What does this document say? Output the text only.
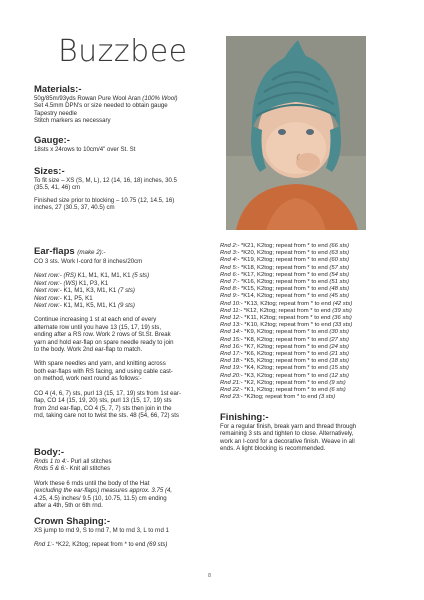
Buzzbee

Materials:-

50g/85m/93yds Rowan Pure Wool Aran (100% Wool)
Set 4.5mm DPN's or size needed to obtain gauge
Tapestry needle
Stitch markers as necessary

Gauge:-

18sts x 24rows to 10cm/4" over St. St

Sizes:-

To fit size – XS (S, M, L), 12 (14, 16, 18) inches, 30.5
(35.5, 41, 46) cm
Finished size prior to blocking – 10.75 (12, 14.5, 16)
inches, 27 (30.5, 37, 40.5) cm

Ear-flaps (make 2):-

CO 3 sts. Work I-cord for 8 inches/20cm

Next row:- (RS) K1, M1, K1, M1, K1 (5 sts)
Next row:- (WS) K1, P3, K1
Next row:- K1, M1, K3, M1, K1 (7 sts)
Next row:- K1, P5, K1
Next row:- K1, M1, K5, M1, K1 (9 sts)

Continue increasing 1 st at each end of every
alternate row until you have 13 (15, 17, 19) sts,
ending after a RS row. Work 2 rows of St.St. Break
yarn and hold ear-flap on spare needle ready to join
to the body. Work 2nd ear-flap to match.

With spare needles and yarn, and knitting across
both ear-flaps with RS facing, and using cable cast-
on method, work next round as follows:-

CO 4 (4, 6, 7) sts, purl 13 (15, 17, 19) sts from 1st ear-
flap, CO 14 (15, 19, 20) sts, purl 13 (15, 17, 19) sts
from 2nd ear-flap, CO 4 (5, 7, 7) sts then join in the
rnd, taking care not to twist the sts. 48 (54, 66, 72) sts

Body:-

Rnds 1 to 4:- Purl all stitches
Rnds 5 & 6:- Knit all stitches

Work these 6 rnds until the body of the Hat
(excluding the ear-flaps) measures approx. 3.75 (4,
4.25, 4.5) inches/ 9.5 (10, 10.75, 11.5) cm ending
after a 4th, 5th or 6th rnd.

Crown Shaping:-

XS jump to rnd 9, S to rnd 7, M to rnd 3, L to rnd 1

Rnd 1:- *K22, K2tog; repeat from * to end (69 sts)

Rnd 2:- *K21, K2tog; repeat from * to end (66 sts)
Rnd 3:- *K20, K2tog; repeat from * to end (63 sts)
Rnd 4:- *K19, K2tog; repeat from * to end (60 sts)
Rnd 5:- *K18, K2tog; repeat from * to end (57 sts)
Rnd 6:- *K17, K2tog; repeat from * to end (54 sts)
Rnd 7:- *K16, K2tog; repeat from * to end (51 sts)
Rnd 8:- *K15, K2tog; repeat from * to end (48 sts)
Rnd 9:- *K14, K2tog; repeat from * to end (45 sts)
Rnd 10:- *K13, K2tog; repeat from * to end (42 sts)
Rnd 11:- *K12, K2tog; repeat from * to end (39 sts)
Rnd 12:- *K11, K2tog; repeat from * to end (36 sts)
Rnd 13:- *K10, K2tog; repeat from * to end (33 sts)
Rnd 14:- *K9, K2tog; repeat from * to end (30 sts)
Rnd 15:- *K8, K2tog; repeat from * to end (27 sts)
Rnd 16:- *K7, K2tog; repeat from * to end (24 sts)
Rnd 17:- *K6, K2tog; repeat from * to end (21 sts)
Rnd 18:- *K5, K2tog; repeat from * to end (18 sts)
Rnd 19:- *K4, K2tog; repeat from * to end (15 sts)
Rnd 20:- *K3, K2tog; repeat from * to end (12 sts)
Rnd 21:- *K2, K2tog; repeat from * to end (9 sts)
Rnd 22:- *K1, K2tog; repeat from * to end (6 sts)
Rnd 23:- *K2tog; repeat from * to end (3 sts)

Finishing:-

For a regular finish, break yarn and thread through
remaining 3 sts and tighten to close. Alternatively,
work an I-cord for a decorative finish. Weave in all
ends. A light blocking is recommended.

8
